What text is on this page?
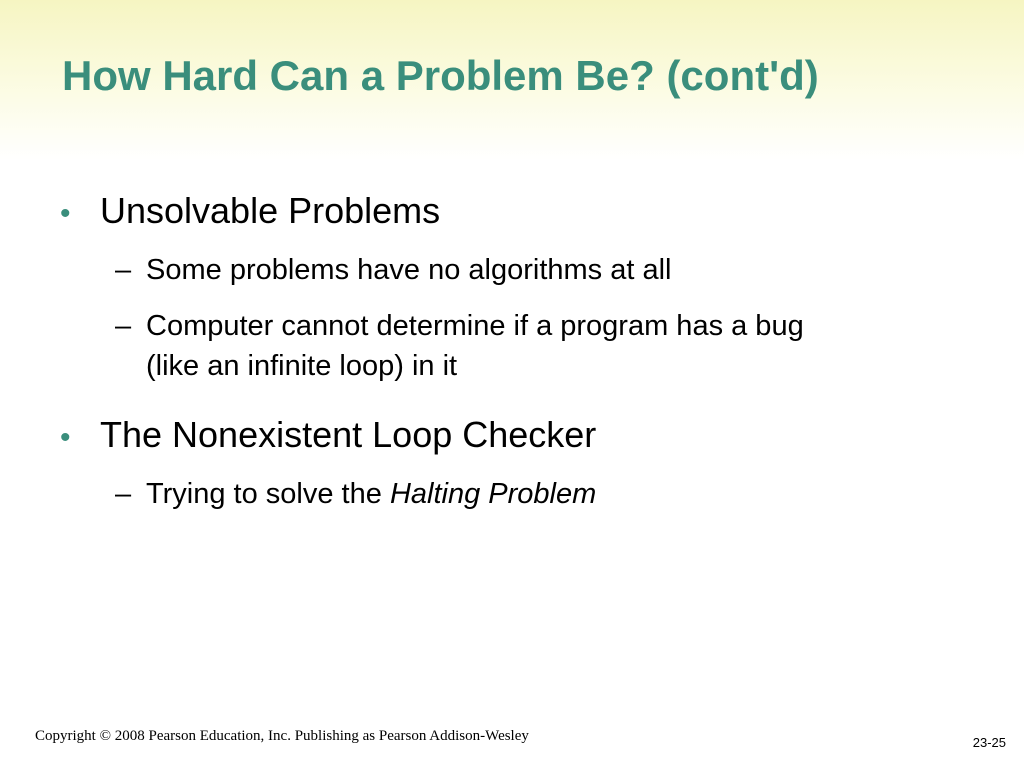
How Hard Can a Problem Be? (cont'd)
• Unsolvable Problems
– Some problems have no algorithms at all
– Computer cannot determine if a program has a bug
(like an infinite loop) in it
• The Nonexistent Loop Checker
– Trying to solve the Halting Problem
Copyright © 2008 Pearson Education, Inc. Publishing as Pearson Addison-Wesley	23-25
